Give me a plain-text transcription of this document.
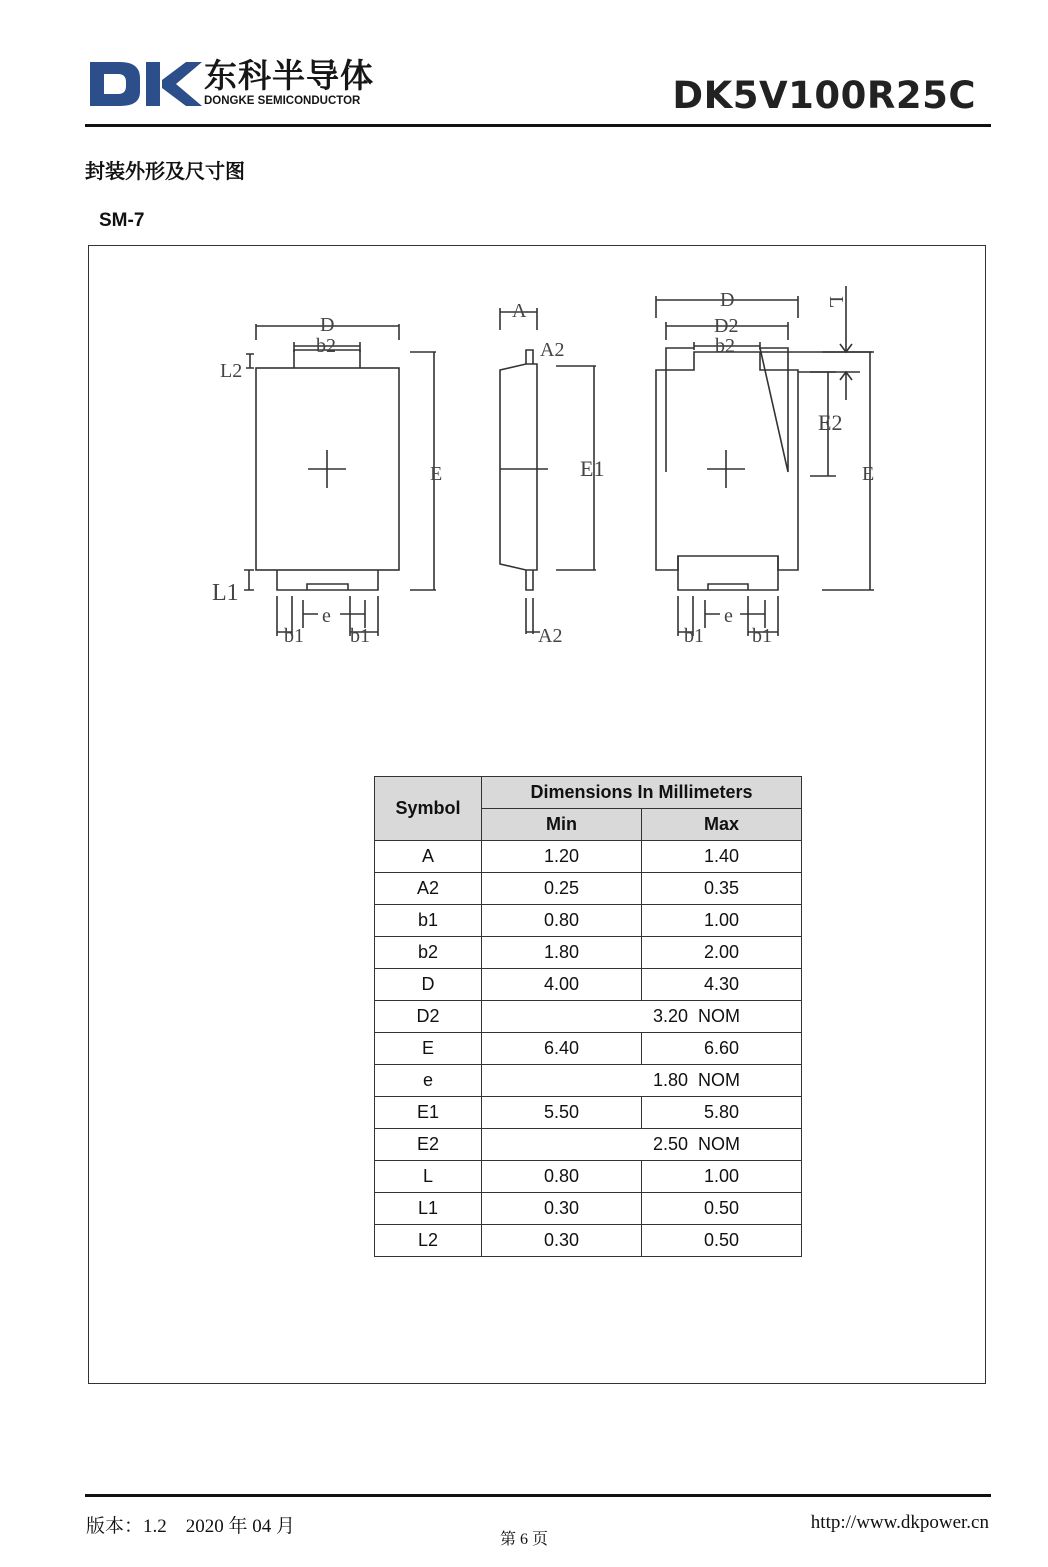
东科半导体
DONGKE SEMICONDUCTOR	DK5V100R25C
封装外形及尺寸图
SM-7
D
b2
L2
E
L1
b1 b1
e
A
A2
E1
A2
D
D2
b2
E2
E
L
b1 b1
e
Symbol	Dimensions In Millimeters	
	Min	Max
A	1.20	1.40
A2	0.25	0.35
b1	0.80	1.00
b2	1.80	2.00
D	4.00	4.30
D2	3.20 NOM	
E	6.40	6.60
e	1.80 NOM	
E1	5.50	5.80
E2	2.50 NOM	
L	0.80	1.00
L1	0.30	0.50
L2	0.30	0.50
版本：1.2　2020 年 04 月
第 6 页
http://www.dkpower.cn
